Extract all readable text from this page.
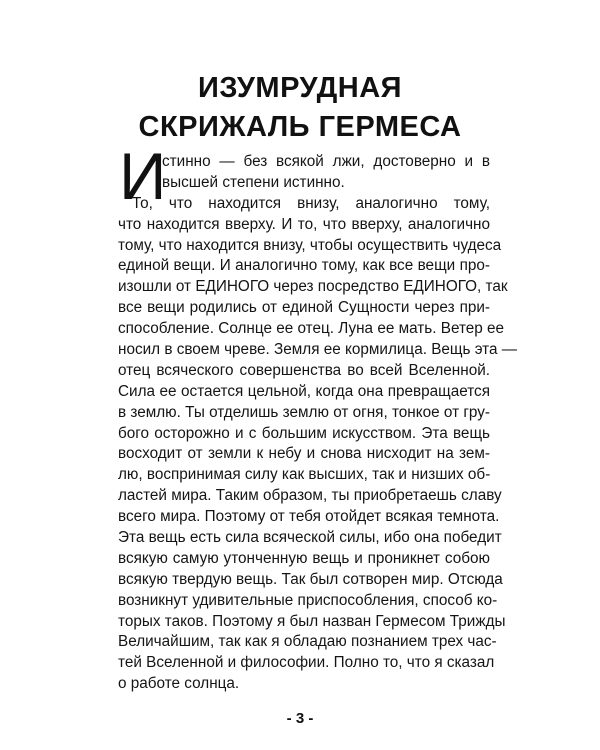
ИЗУМРУДНАЯ
СКРИЖАЛЬ ГЕРМЕСА
И
стинно — без всякой лжи, достоверно и в
высшей степени истинно.
То, что находится внизу, аналогично тому,
что находится вверху. И то, что вверху, аналогично
тому, что находится внизу, чтобы осуществить чудеса
единой вещи. И аналогично тому, как все вещи про-
изошли от ЕДИНОГО через посредство ЕДИНОГО, так
все вещи родились от единой Сущности через при-
способление. Солнце ее отец. Луна ее мать. Ветер ее
носил в своем чреве. Земля ее кормилица. Вещь эта —
отец всяческого совершенства во всей Вселенной.
Сила ее остается цельной, когда она превращается
в землю. Ты отделишь землю от огня, тонкое от гру-
бого осторожно и с большим искусством. Эта вещь
восходит от земли к небу и снова нисходит на зем-
лю, воспринимая силу как высших, так и низших об-
ластей мира. Таким образом, ты приобретаешь славу
всего мира. Поэтому от тебя отойдет всякая темнота.
Эта вещь есть сила всяческой силы, ибо она победит
всякую самую утонченную вещь и проникнет собою
всякую твердую вещь. Так был сотворен мир. Отсюда
возникнут удивительные приспособления, способ ко-
торых таков. Поэтому я был назван Гермесом Трижды
Величайшим, так как я обладаю познанием трех час-
тей Вселенной и философии. Полно то, что я сказал
о работе солнца.
- 3 -
